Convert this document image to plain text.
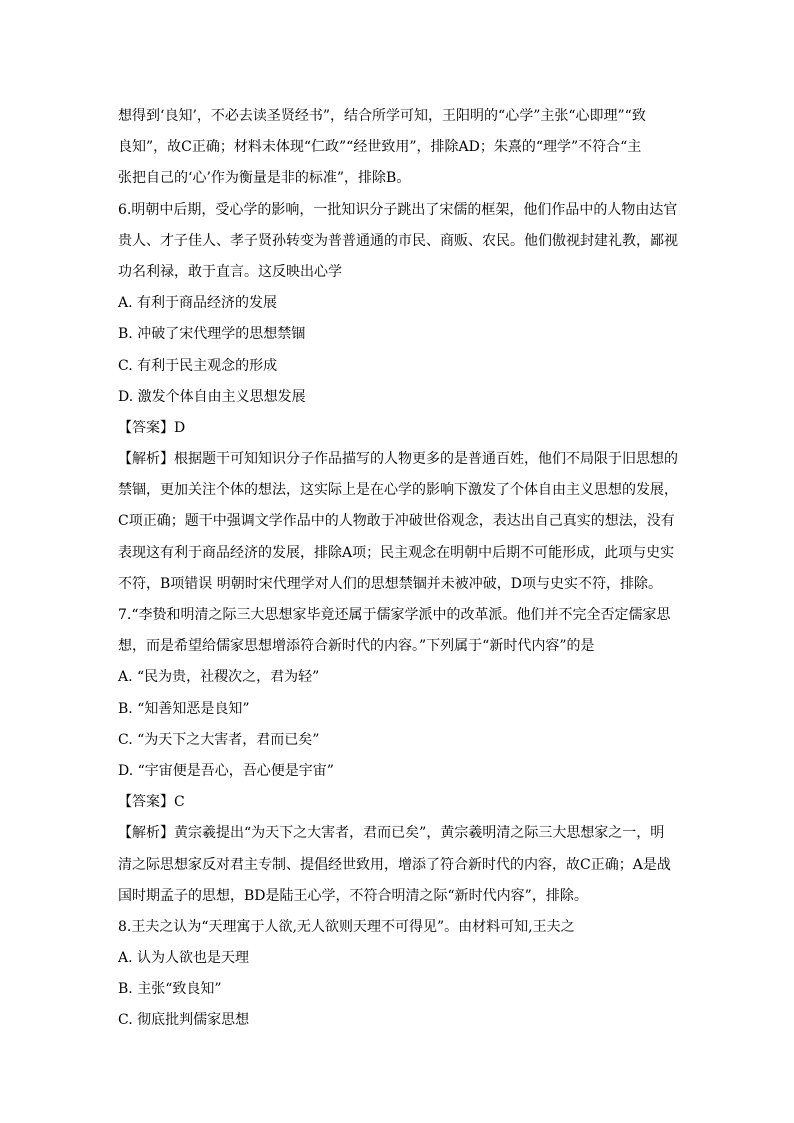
想得到‘良知’，不必去读圣贤经书”，结合所学可知，王阳明的“心学”主张“心即理”“致
良知”，故C正确；材料未体现“仁政”“经世致用”，排除AD；朱熹的“理学”不符合“主
张把自己的‘心’作为衡量是非的标准”，排除B。
6.明朝中后期，受心学的影响，一批知识分子跳出了宋儒的框架，他们作品中的人物由达官
贵人、才子佳人、孝子贤孙转变为普普通通的市民、商贩、农民。他们傲视封建礼教，鄙视
功名利禄，敢于直言。这反映出心学
A. 有利于商品经济的发展
B. 冲破了宋代理学的思想禁锢
C. 有利于民主观念的形成
D. 激发个体自由主义思想发展
【答案】D
【解析】根据题干可知知识分子作品描写的人物更多的是普通百姓，他们不局限于旧思想的
禁锢，更加关注个体的想法，这实际上是在心学的影响下激发了个体自由主义思想的发展，
C项正确；题干中强调文学作品中的人物敢于冲破世俗观念，表达出自己真实的想法，没有
表现这有利于商品经济的发展，排除A项；民主观念在明朝中后期不可能形成，此项与史实
不符，B项错误 明朝时宋代理学对人们的思想禁锢并未被冲破，D项与史实不符，排除。
7.“李贽和明清之际三大思想家毕竟还属于儒家学派中的改革派。他们并不完全否定儒家思
想，而是希望给儒家思想增添符合新时代的内容。”下列属于“新时代内容”的是
A. “民为贵，社稷次之，君为轻”
B. “知善知恶是良知”
C. “为天下之大害者，君而已矣”
D. “宇宙便是吾心，吾心便是宇宙”
【答案】C
【解析】黄宗羲提出“为天下之大害者，君而已矣”，黄宗羲明清之际三大思想家之一，明
清之际思想家反对君主专制、提倡经世致用，增添了符合新时代的内容，故C正确；A是战
国时期孟子的思想，BD是陆王心学，不符合明清之际“新时代内容”，排除。
8.王夫之认为“天理寓于人欲,无人欲则天理不可得见”。由材料可知,王夫之
A. 认为人欲也是天理
B. 主张“致良知”
C. 彻底批判儒家思想
